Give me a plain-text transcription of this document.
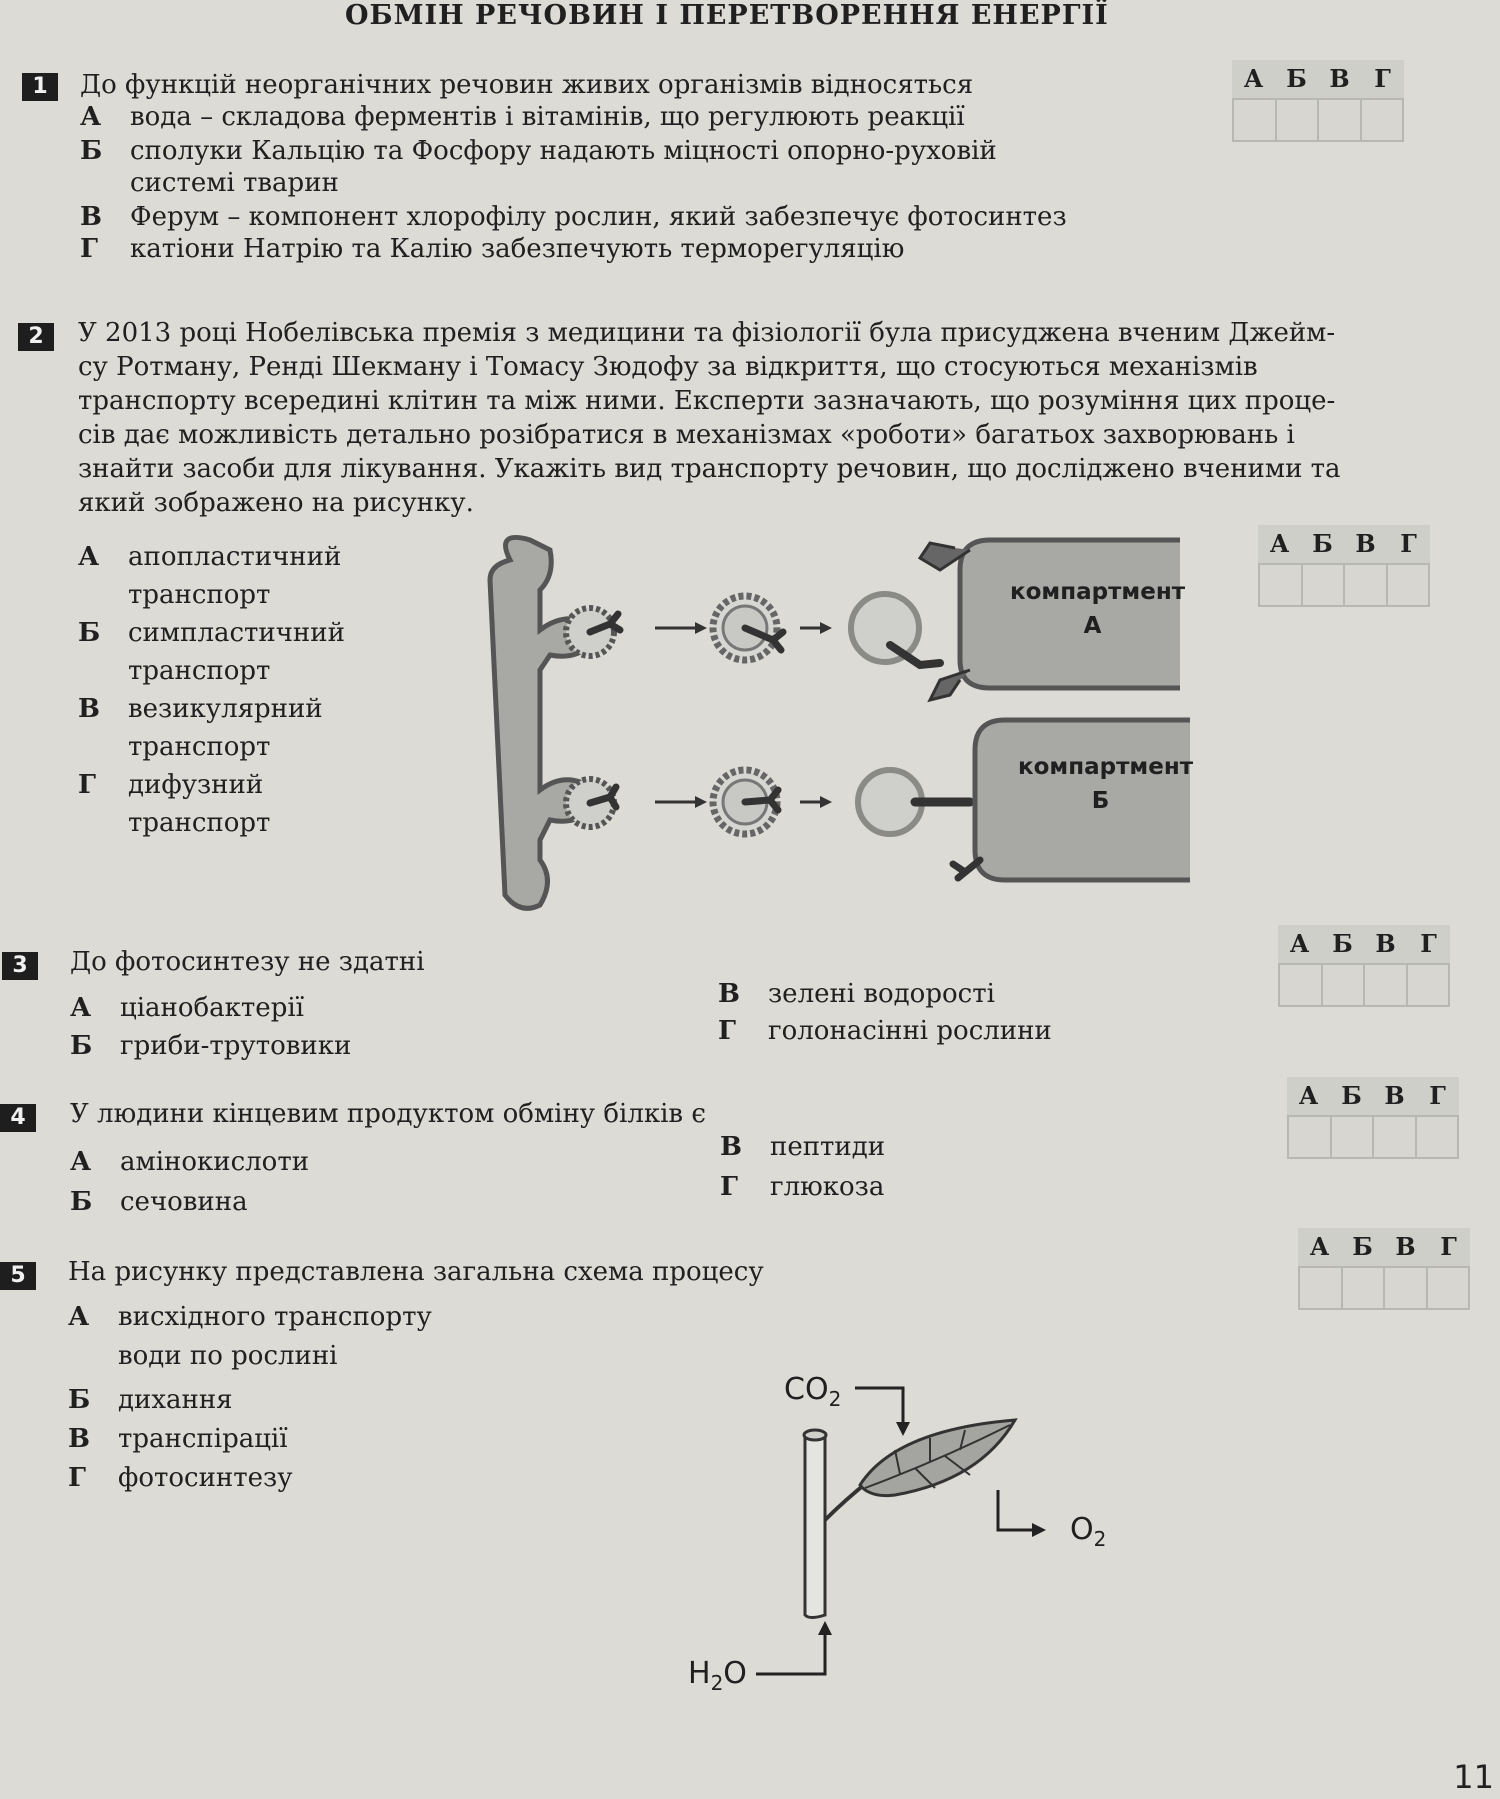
ОБМІН РЕЧОВИН І ПЕРЕТВОРЕННЯ ЕНЕРГІЇ
1	До функцій неорганічних речовин живих організмів відносяться
А вода – складова ферментів і вітамінів, що регулюють реакції
Б сполуки Кальцію та Фосфору надають міцності опорно-руховій
системі тварин
В Ферум – компонент хлорофілу рослин, який забезпечує фотосинтез
Г катіони Натрію та Калію забезпечують терморегуляцію
А Б В	Г
2	У 2013 році Нобелівська премія з медицини та фізіології була присуджена вченим Джейм-
су Ротману, Ренді Шекману і Томасу Зюдофу за відкриття, що стосуються механізмів
транспорту всередині клітин та між ними. Експерти зазначають, що розуміння цих проце-
сів дає можливість детально розібратися в механізмах «роботи» багатьох захворювань і
знайти засоби для лікування. Укажіть вид транспорту речовин, що досліджено вченими та
який зображено на рисунку.
А апопластичний
транспорт
Б симпластичний
транспорт
В везикулярний
транспорт
Г дифузний
транспорт
компартмент
А
компартмент
Б
А Б В	Г
3	До фотосинтезу не здатні
А ціанобактерії
Б гриби-трутовики
В зелені водорості
Г голонасінні рослини
А Б В	Г
4	У людини кінцевим продуктом обміну білків є
А амінокислоти
Б сечовина
В пептиди
Г глюкоза
А Б В	Г
5	На рисунку представлена загальна схема процесу
А висхідного транспорту
води по рослині
Б дихання
В транспірації
Г фотосинтезу
А Б В	Г
$CO_2$
$O_2$
$H_2O$
11
